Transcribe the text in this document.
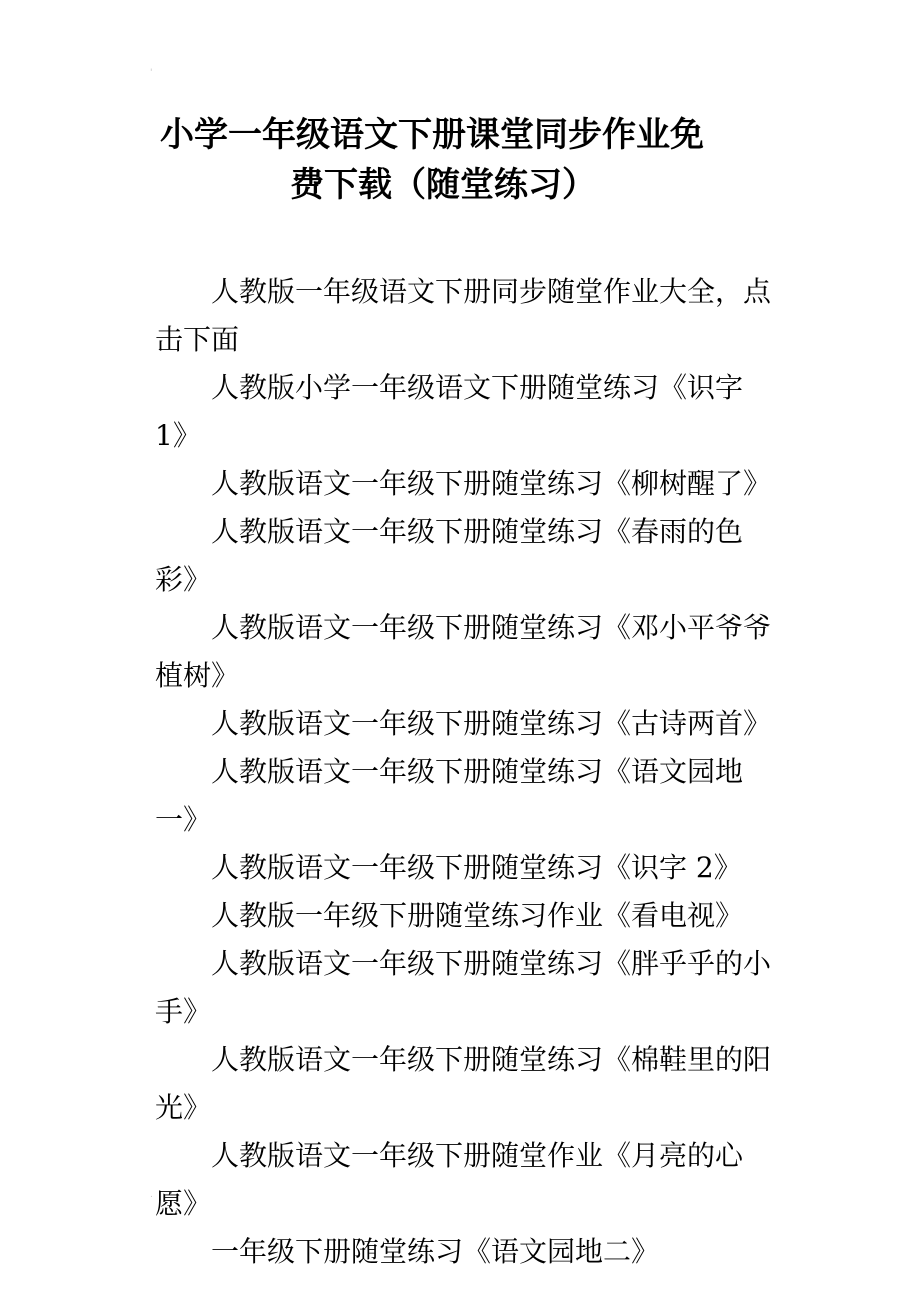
'
小学一年级语文下册课堂同步作业免
费下载（随堂练习）

人教版一年级语文下册同步随堂作业大全，点击下面

人教版小学一年级语文下册随堂练习《识字 1》

人教版语文一年级下册随堂练习《柳树醒了》

人教版语文一年级下册随堂练习《春雨的色彩》

人教版语文一年级下册随堂练习《邓小平爷爷植树》

人教版语文一年级下册随堂练习《古诗两首》

人教版语文一年级下册随堂练习《语文园地一》

人教版语文一年级下册随堂练习《识字 2》

人教版一年级下册随堂练习作业《看电视》

人教版语文一年级下册随堂练习《胖乎乎的小手》

人教版语文一年级下册随堂练习《棉鞋里的阳光》

人教版语文一年级下册随堂作业《月亮的心愿》

一年级下册随堂练习《语文园地二》

.
